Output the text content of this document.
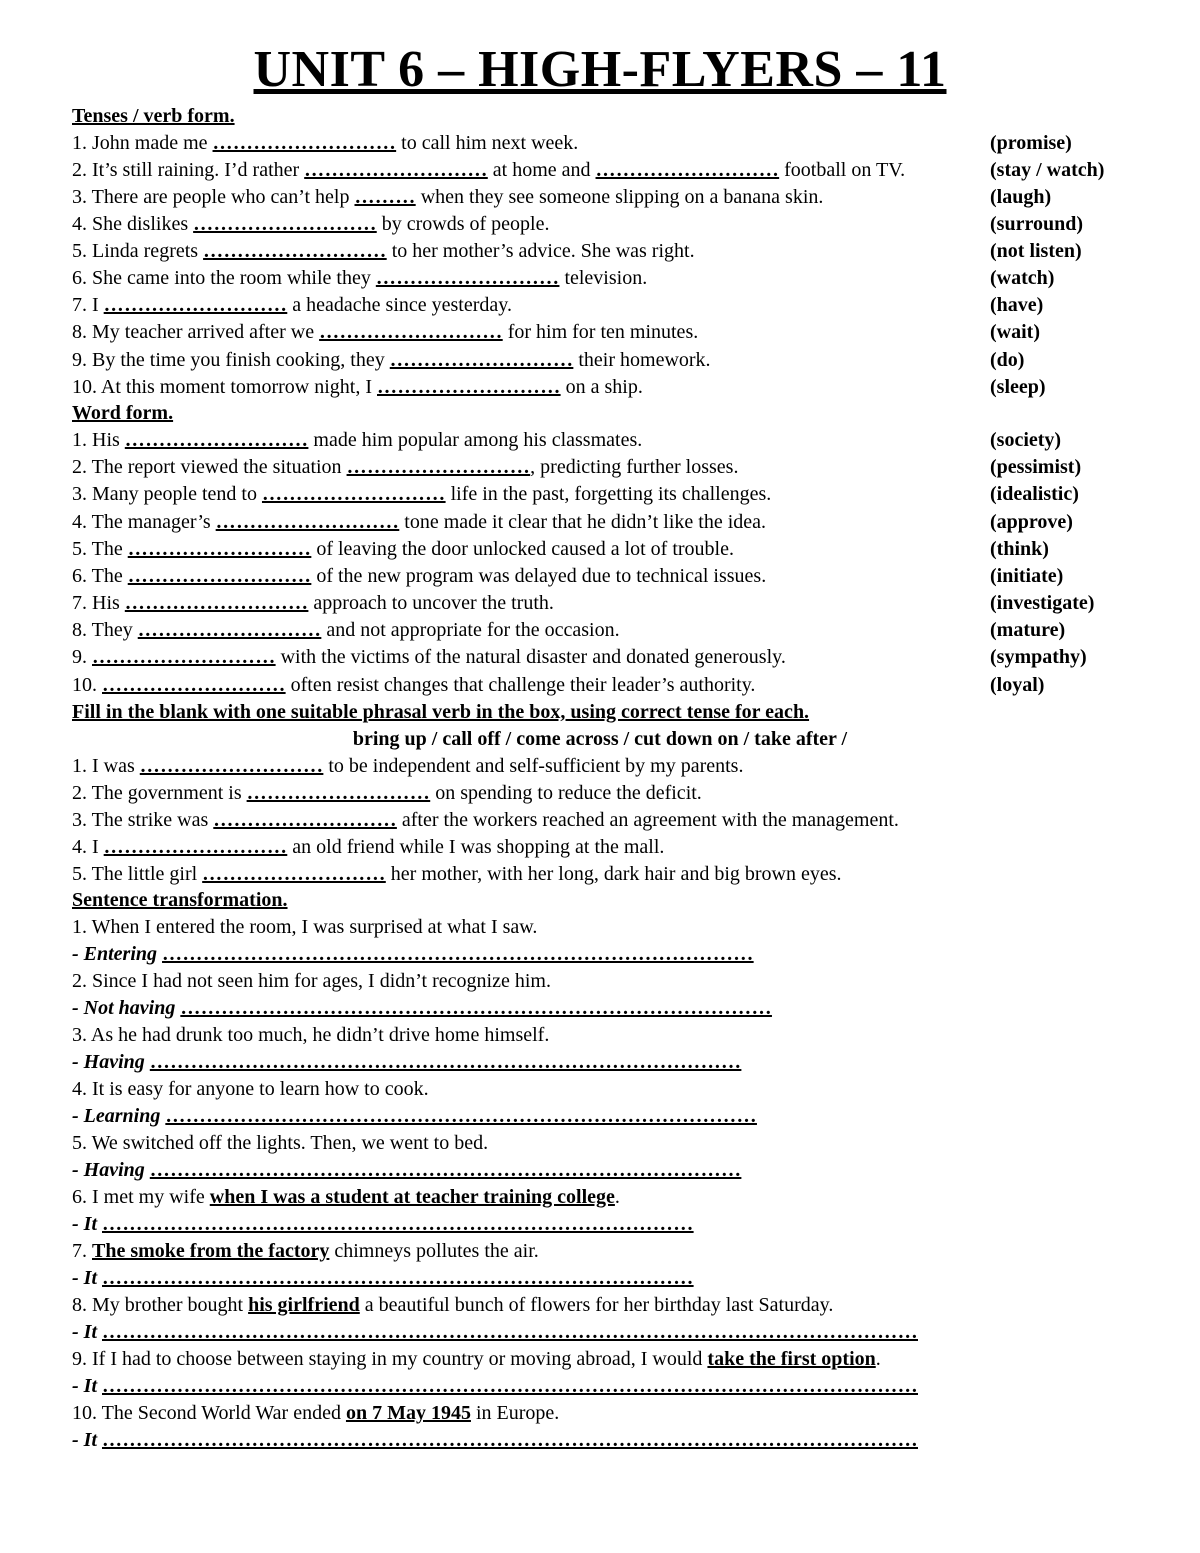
UNIT 6 – HIGH-FLYERS – 11
Tenses / verb form.
1. John made me ……………………… to call him next week.	(promise)
2. It’s still raining. I’d rather ……………………… at home and ……………………… football on TV.	(stay / watch)
3. There are people who can’t help ……… when they see someone slipping on a banana skin.	(laugh)
4. She dislikes ……………………… by crowds of people.	(surround)
5. Linda regrets ……………………… to her mother’s advice. She was right.	(not listen)
6. She came into the room while they ……………………… television.	(watch)
7. I ……………………… a headache since yesterday.	(have)
8. My teacher arrived after we ……………………… for him for ten minutes.	(wait)
9. By the time you finish cooking, they ……………………… their homework.	(do)
10. At this moment tomorrow night, I ……………………… on a ship.	(sleep)
Word form.
1. His ……………………… made him popular among his classmates.	(society)
2. The report viewed the situation ………………………, predicting further losses.	(pessimist)
3. Many people tend to ……………………… life in the past, forgetting its challenges.	(idealistic)
4. The manager’s ……………………… tone made it clear that he didn’t like the idea.	(approve)
5. The ……………………… of leaving the door unlocked caused a lot of trouble.	(think)
6. The ……………………… of the new program was delayed due to technical issues.	(initiate)
7. His ……………………… approach to uncover the truth.	(investigate)
8. They ……………………… and not appropriate for the occasion.	(mature)
9. ……………………… with the victims of the natural disaster and donated generously.	(sympathy)
10. ……………………… often resist changes that challenge their leader’s authority.	(loyal)
Fill in the blank with one suitable phrasal verb in the box, using correct tense for each.
bring up / call off / come across / cut down on / take after /
1. I was ……………………… to be independent and self-sufficient by my parents.
2. The government is ……………………… on spending to reduce the deficit.
3. The strike was ……………………… after the workers reached an agreement with the management.
4. I ……………………… an old friend while I was shopping at the mall.
5. The little girl ……………………… her mother, with her long, dark hair and big brown eyes.
Sentence transformation.
1. When I entered the room, I was surprised at what I saw.
- Entering ……………………………………………………………………………
2. Since I had not seen him for ages, I didn’t recognize him.
- Not having ……………………………………………………………………………
3. As he had drunk too much, he didn’t drive home himself.
- Having ……………………………………………………………………………
4. It is easy for anyone to learn how to cook.
- Learning ……………………………………………………………………………
5. We switched off the lights. Then, we went to bed.
- Having ……………………………………………………………………………
6. I met my wife when I was a student at teacher training college.
- It ……………………………………………………………………………
7. The smoke from the factory chimneys pollutes the air.
- It ……………………………………………………………………………
8. My brother bought his girlfriend a beautiful bunch of flowers for her birthday last Saturday.
- It …………………………………………………………………………………………………………
9. If I had to choose between staying in my country or moving abroad, I would take the first option.
- It …………………………………………………………………………………………………………
10. The Second World War ended on 7 May 1945 in Europe.
- It …………………………………………………………………………………………………………
